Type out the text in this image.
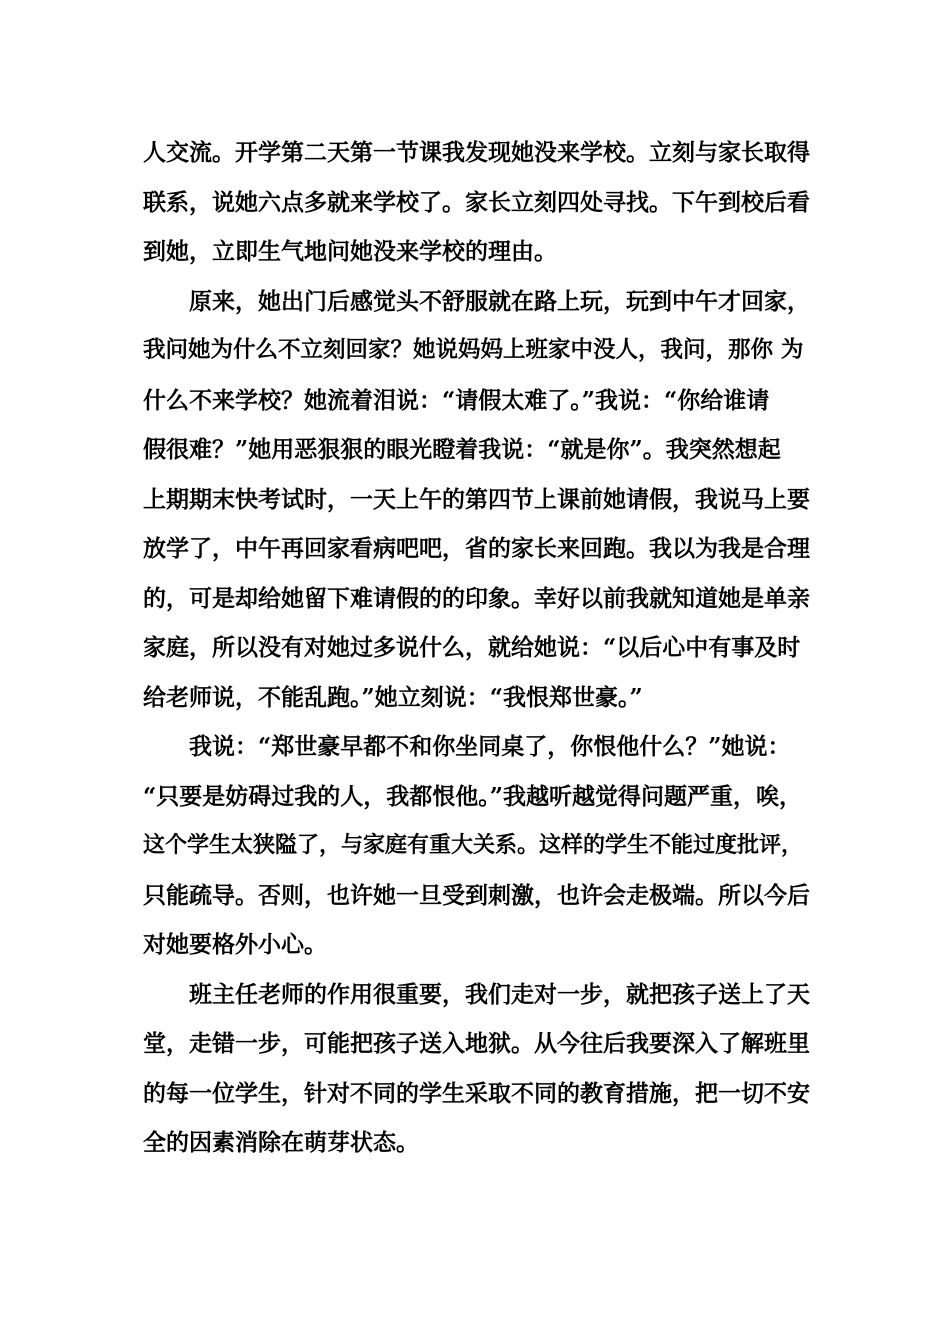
人交流。开学第二天第一节课我发现她没来学校。立刻与家长取得
联系，说她六点多就来学校了。家长立刻四处寻找。下午到校后看
到她，立即生气地问她没来学校的理由。
原来，她出门后感觉头不舒服就在路上玩，玩到中午才回家，
我问她为什么不立刻回家？她说妈妈上班家中没人，我问，那你 为
什么不来学校？她流着泪说：“请假太难了。”我说：“你给谁请
假很难？”她用恶狠狠的眼光瞪着我说：“就是你”。我突然想起
上期期末快考试时，一天上午的第四节上课前她请假，我说马上要
放学了，中午再回家看病吧吧，省的家长来回跑。我以为我是合理
的，可是却给她留下难请假的的印象。幸好以前我就知道她是单亲
家庭，所以没有对她过多说什么，就给她说：“以后心中有事及时
给老师说，不能乱跑。”她立刻说：“我恨郑世豪。”
我说：“郑世豪早都不和你坐同桌了，你恨他什么？”她说：
“只要是妨碍过我的人，我都恨他。”我越听越觉得问题严重，唉，
这个学生太狭隘了，与家庭有重大关系。这样的学生不能过度批评，
只能疏导。否则，也许她一旦受到刺激，也许会走极端。所以今后
对她要格外小心。
班主任老师的作用很重要，我们走对一步，就把孩子送上了天
堂，走错一步，可能把孩子送入地狱。从今往后我要深入了解班里
的每一位学生，针对不同的学生采取不同的教育措施，把一切不安
全的因素消除在萌芽状态。
